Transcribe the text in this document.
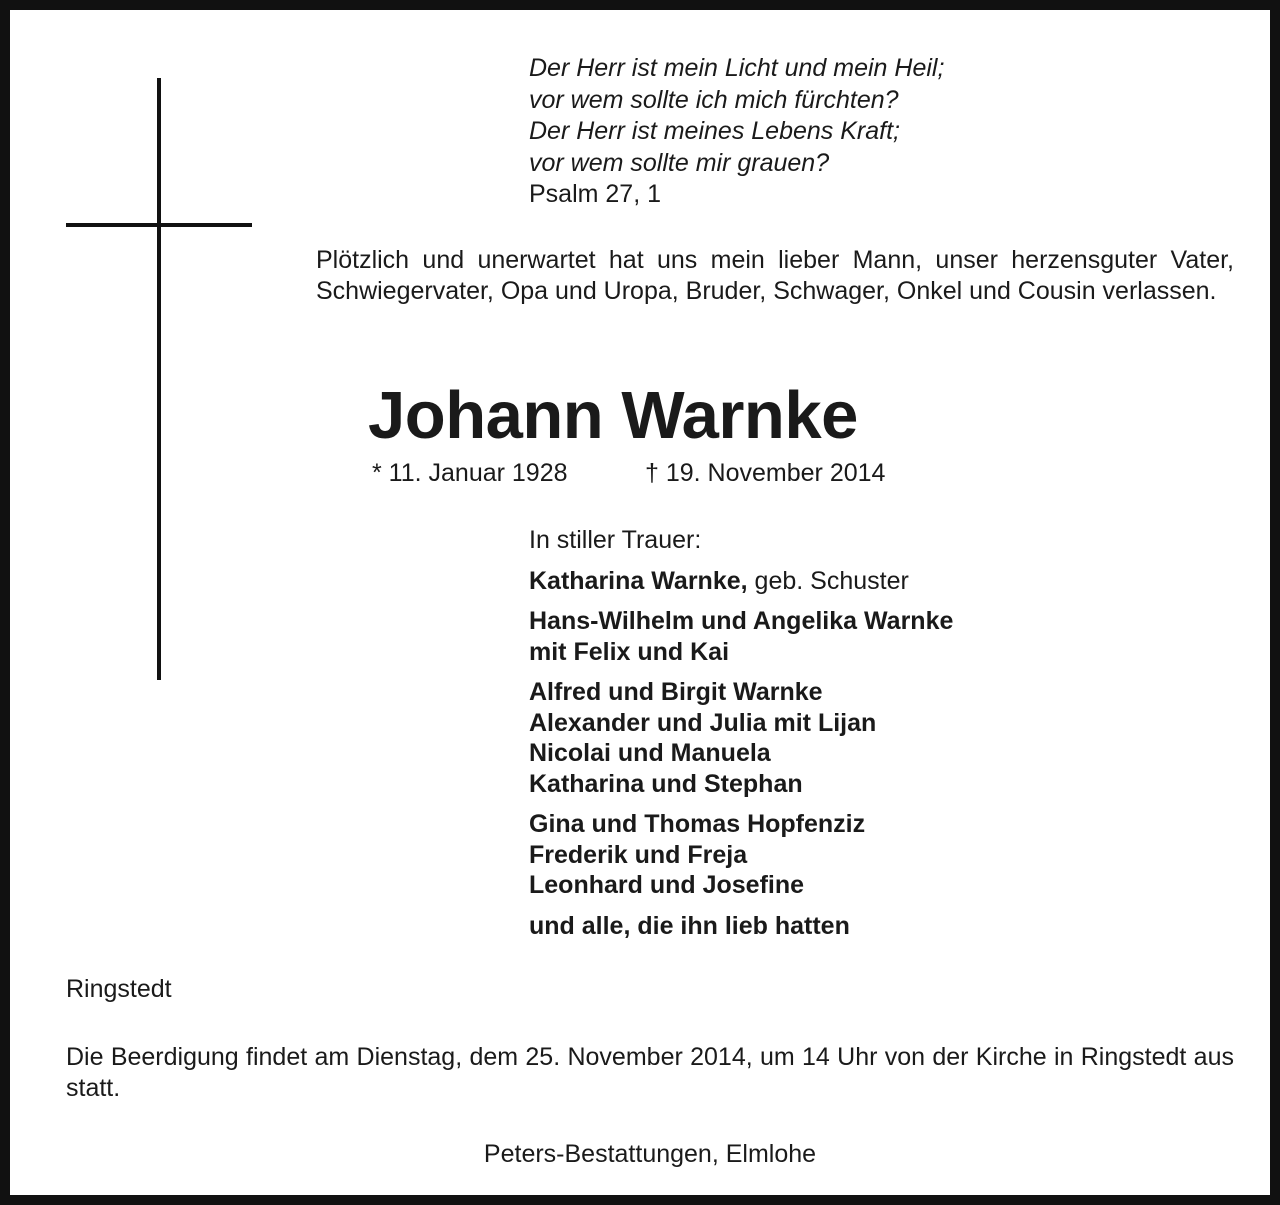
Der Herr ist mein Licht und mein Heil;
vor wem sollte ich mich fürchten?
Der Herr ist meines Lebens Kraft;
vor wem sollte mir grauen?
Psalm 27, 1
Plötzlich und unerwartet hat uns mein lieber Mann, unser herzensguter Vater, Schwiegervater, Opa und Uropa, Bruder, Schwager, Onkel und Cousin verlassen.
Johann Warnke
* 11. Januar 1928	† 19. November 2014
In stiller Trauer:
Katharina Warnke, geb. Schuster
Hans-Wilhelm und Angelika Warnke
mit Felix und Kai
Alfred und Birgit Warnke
Alexander und Julia mit Lijan
Nicolai und Manuela
Katharina und Stephan
Gina und Thomas Hopfenziz
Frederik und Freja
Leonhard und Josefine
und alle, die ihn lieb hatten
Ringstedt
Die Beerdigung findet am Dienstag, dem 25. November 2014, um 14 Uhr von der Kirche in Ringstedt aus statt.
Peters-Bestattungen, Elmlohe
